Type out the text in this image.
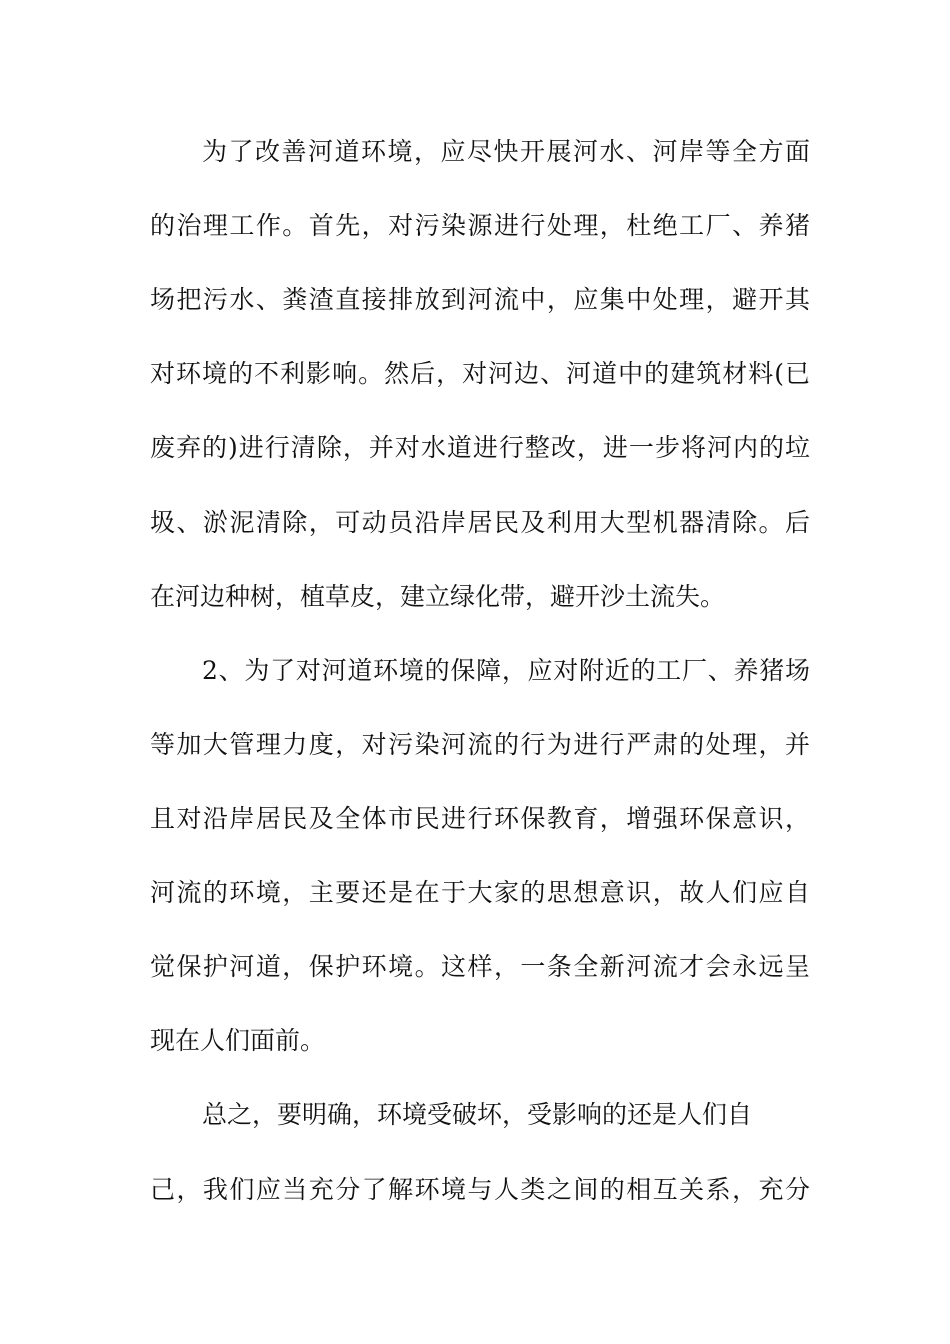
为了改善河道环境，应尽快开展河水、河岸等全方面
的治理工作。首先，对污染源进行处理，杜绝工厂、养猪
场把污水、粪渣直接排放到河流中，应集中处理，避开其
对环境的不利影响。然后，对河边、河道中的建筑材料(已
废弃的)进行清除，并对水道进行整改，进一步将河内的垃
圾、淤泥清除，可动员沿岸居民及利用大型机器清除。后
在河边种树，植草皮，建立绿化带，避开沙土流失。
2、为了对河道环境的保障，应对附近的工厂、养猪场
等加大管理力度，对污染河流的行为进行严肃的处理，并
且对沿岸居民及全体市民进行环保教育，增强环保意识，
河流的环境，主要还是在于大家的思想意识，故人们应自
觉保护河道，保护环境。这样，一条全新河流才会永远呈
现在人们面前。
总之，要明确，环境受破坏，受影响的还是人们自
己，我们应当充分了解环境与人类之间的相互关系，充分
